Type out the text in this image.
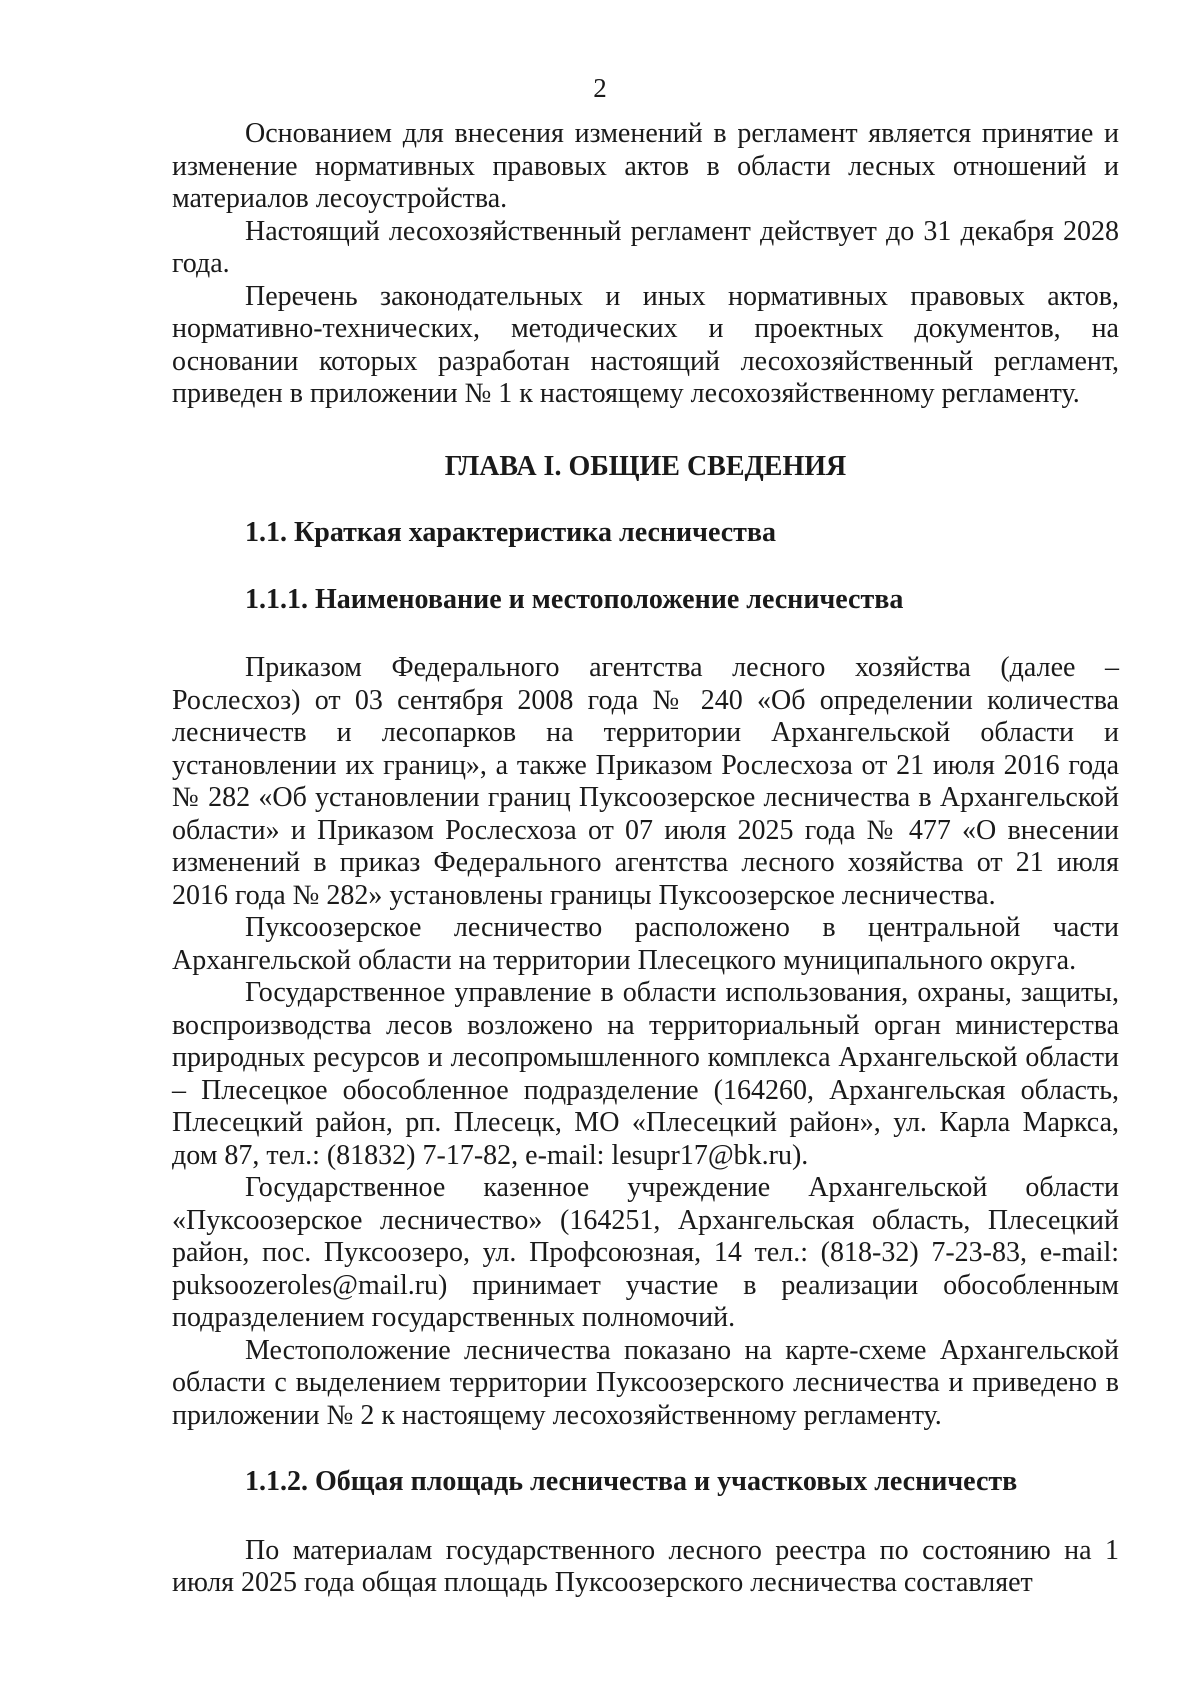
2

Основанием для внесения изменений в регламент является принятие и изменение нормативных правовых актов в области лесных отношений и материалов лесоустройства.

Настоящий лесохозяйственный регламент действует до 31 декабря 2028 года.

Перечень законодательных и иных нормативных правовых актов, нормативно-технических, методических и проектных документов, на основании которых разработан настоящий лесохозяйственный регламент, приведен в приложении № 1 к настоящему лесохозяйственному регламенту.

ГЛАВА I. ОБЩИЕ СВЕДЕНИЯ
1.1. Краткая характеристика лесничества
1.1.1. Наименование и местоположение лесничества

Приказом Федерального агентства лесного хозяйства (далее – Рослесхоз) от 03 сентября 2008 года № 240 «Об определении количества лесничеств и лесопарков на территории Архангельской области и установлении их границ», а также Приказом Рослесхоза от 21 июля 2016 года № 282 «Об установлении границ Пуксоозерское лесничества в Архангельской области» и Приказом Рослесхоза от 07 июля 2025 года № 477 «О внесении изменений в приказ Федерального агентства лесного хозяйства от 21 июля 2016 года № 282» установлены границы Пуксоозерское лесничества.

Пуксоозерское лесничество расположено в центральной части Архангельской области на территории Плесецкого муниципального округа.

Государственное управление в области использования, охраны, защиты, воспроизводства лесов возложено на территориальный орган министерства природных ресурсов и лесопромышленного комплекса Архангельской области – Плесецкое обособленное подразделение (164260, Архангельская область, Плесецкий район, рп. Плесецк, МО «Плесецкий район», ул. Карла Маркса, дом 87, тел.: (81832) 7-17-82, e-mail: lesupr17@bk.ru).

Государственное казенное учреждение Архангельской области «Пуксоозерское лесничество» (164251, Архангельская область, Плесецкий район, пос. Пуксоозеро, ул. Профсоюзная, 14 тел.: (818-32) 7-23-83, e-mail: puksoozeroles@mail.ru) принимает участие в реализации обособленным подразделением государственных полномочий.

Местоположение лесничества показано на карте-схеме Архангельской области с выделением территории Пуксоозерского лесничества и приведено в приложении № 2 к настоящему лесохозяйственному регламенту.

1.1.2. Общая площадь лесничества и участковых лесничеств

По материалам государственного лесного реестра по состоянию на 1 июля 2025 года общая площадь Пуксоозерского лесничества составляет
